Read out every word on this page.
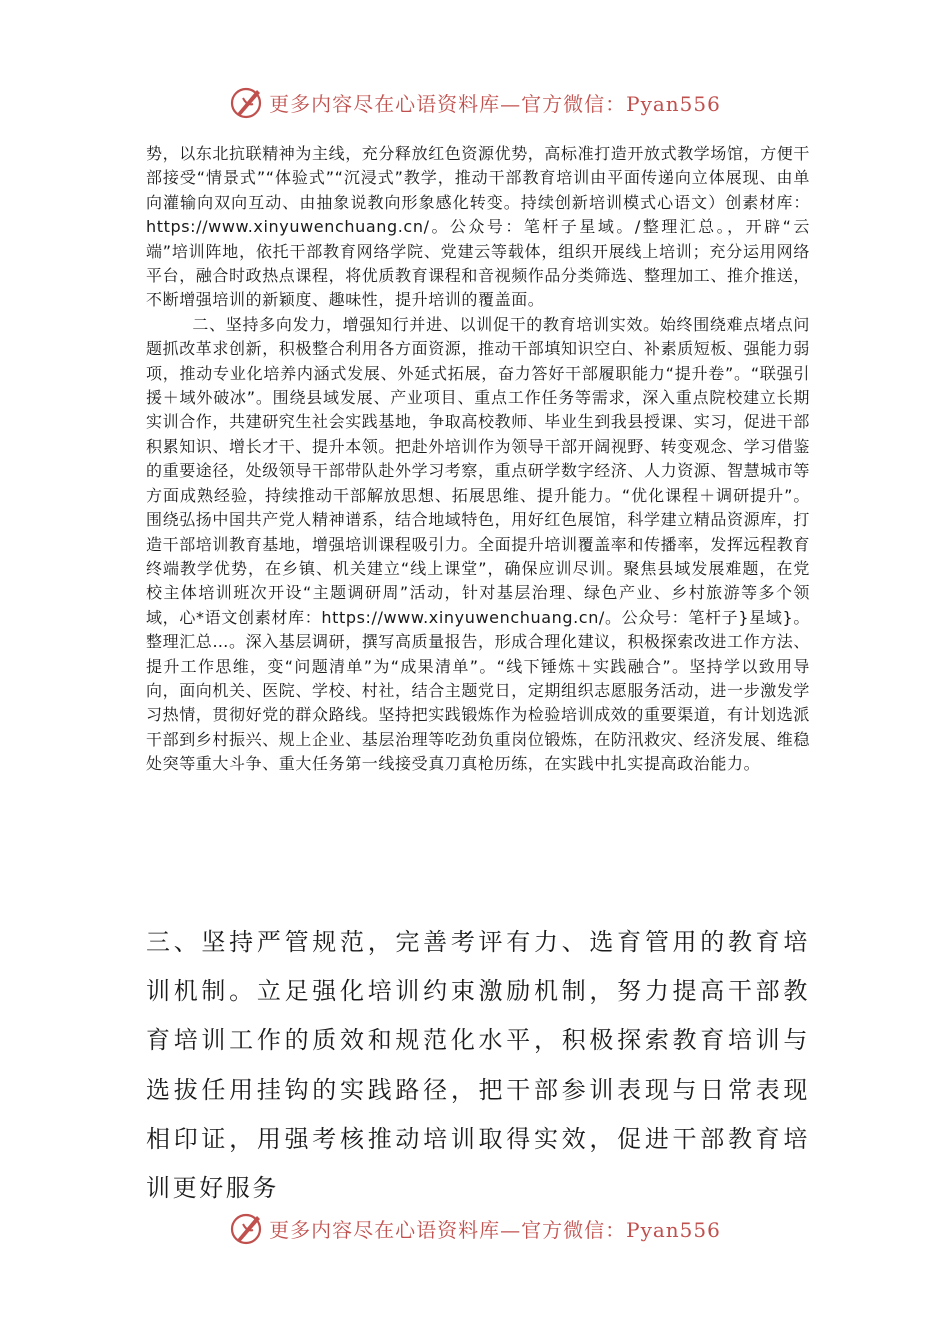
更多内容尽在心语资料库—官方微信：Pyan556

势，以东北抗联精神为主线，充分释放红色资源优势，高标准打造开放式教学场馆，方便干部接受“情景式”“体验式”“沉浸式”教学，推动干部教育培训由平面传递向立体展现、由单向灌输向双向互动、由抽象说教向形象感化转变。持续创新培训模式心语文）创素材库：https://www.xinyuwenchuang.cn/。公众号：笔杆子星域。/整理汇总。，开辟“云端”培训阵地，依托干部教育网络学院、党建云等载体，组织开展线上培训；充分运用网络平台，融合时政热点课程，将优质教育课程和音视频作品分类筛选、整理加工、推介推送，不断增强培训的新颖度、趣味性，提升培训的覆盖面。

二、坚持多向发力，增强知行并进、以训促干的教育培训实效。始终围绕难点堵点问题抓改革求创新，积极整合利用各方面资源，推动干部填知识空白、补素质短板、强能力弱项，推动专业化培养内涵式发展、外延式拓展，奋力答好干部履职能力“提升卷”。“联强引援＋域外破冰”。围绕县域发展、产业项目、重点工作任务等需求，深入重点院校建立长期实训合作，共建研究生社会实践基地，争取高校教师、毕业生到我县授课、实习，促进干部积累知识、增长才干、提升本领。把赴外培训作为领导干部开阔视野、转变观念、学习借鉴的重要途径，处级领导干部带队赴外学习考察，重点研学数字经济、人力资源、智慧城市等方面成熟经验，持续推动干部解放思想、拓展思维、提升能力。“优化课程＋调研提升”。围绕弘扬中国共产党人精神谱系，结合地域特色，用好红色展馆，科学建立精品资源库，打造干部培训教育基地，增强培训课程吸引力。全面提升培训覆盖率和传播率，发挥远程教育终端教学优势，在乡镇、机关建立“线上课堂”，确保应训尽训。聚焦县域发展难题，在党校主体培训班次开设“主题调研周”活动，针对基层治理、绿色产业、乡村旅游等多个领域，心*语文创素材库：https://www.xinyuwenchuang.cn/。公众号：笔杆子}星域}。整理汇总…。深入基层调研，撰写高质量报告，形成合理化建议，积极探索改进工作方法、提升工作思维，变“问题清单”为“成果清单”。“线下锤炼＋实践融合”。坚持学以致用导向，面向机关、医院、学校、村社，结合主题党日，定期组织志愿服务活动，进一步激发学习热情，贯彻好党的群众路线。坚持把实践锻炼作为检验培训成效的重要渠道，有计划选派干部到乡村振兴、规上企业、基层治理等吃劲负重岗位锻炼，在防汛救灾、经济发展、维稳处突等重大斗争、重大任务第一线接受真刀真枪历练，在实践中扎实提高政治能力。

三、坚持严管规范，完善考评有力、选育管用的教育培训机制。立足强化培训约束激励机制，努力提高干部教育培训工作的质效和规范化水平，积极探索教育培训与选拔任用挂钩的实践路径，把干部参训表现与日常表现相印证，用强考核推动培训取得实效，促进干部教育培训更好服务

更多内容尽在心语资料库—官方微信：Pyan556
